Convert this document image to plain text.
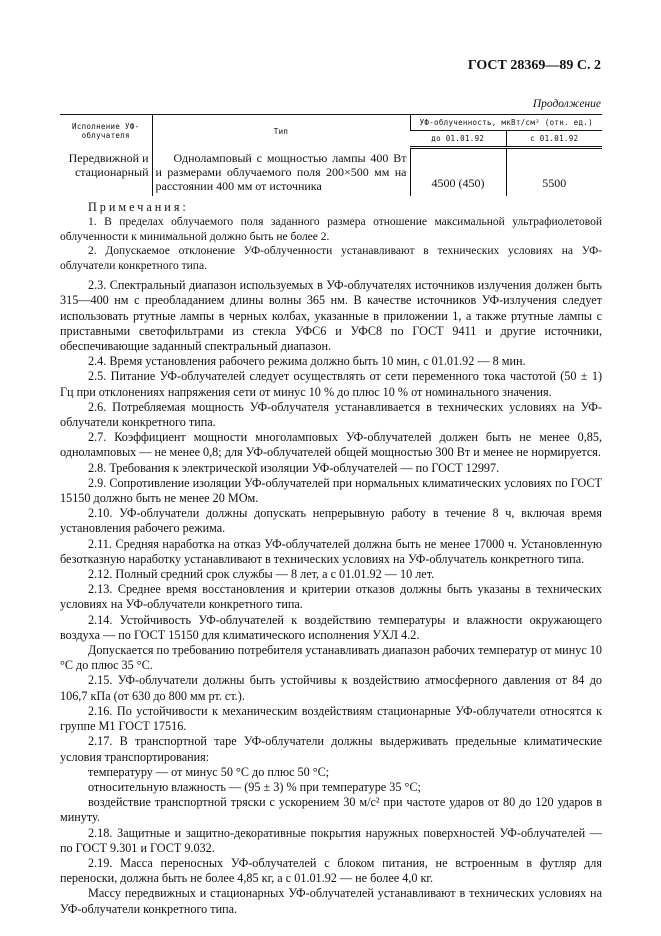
ГОСТ 28369—89 С. 2
Продолжение
Исполнение УФ-облучателя	Тип	УФ-облученность, мкВт/см² (отн. ед.)	
		до 01.01.92	с 01.01.92
Передвижной и стационарный	Одноламповый с мощностью лампы 400 Вт и размерами облучаемого поля 200×500 мм на расстоянии 400 мм от источника	4500 (450)	5500

Примечания:

1. В пределах облучаемого поля заданного размера отношение максимальной ультрафиолетовой облученности к минимальной должно быть не более 2.

2. Допускаемое отклонение УФ-облученности устанавливают в технических условиях на УФ-облучатели конкретного типа.

2.3. Спектральный диапазон используемых в УФ-облучателях источников излучения должен быть 315—400 нм с преобладанием длины волны 365 нм. В качестве источников УФ-излучения следует использовать ртутные лампы в черных колбах, указанные в приложении 1, а также ртутные лампы с приставными светофильтрами из стекла УФС6 и УФС8 по ГОСТ 9411 и другие источники, обеспечивающие заданный спектральный диапазон.

2.4. Время установления рабочего режима должно быть 10 мин, с 01.01.92 — 8 мин.

2.5. Питание УФ-облучателей следует осуществлять от сети переменного тока частотой (50 ± 1) Гц при отклонениях напряжения сети от минус 10 % до плюс 10 % от номинального значения.

2.6. Потребляемая мощность УФ-облучателя устанавливается в технических условиях на УФ-облучатели конкретного типа.

2.7. Коэффициент мощности многоламповых УФ-облучателей должен быть не менее 0,85, одноламповых — не менее 0,8; для УФ-облучателей общей мощностью 300 Вт и менее не нормируется.

2.8. Требования к электрической изоляции УФ-облучателей — по ГОСТ 12997.

2.9. Сопротивление изоляции УФ-облучателей при нормальных климатических условиях по ГОСТ 15150 должно быть не менее 20 МОм.

2.10. УФ-облучатели должны допускать непрерывную работу в течение 8 ч, включая время установления рабочего режима.

2.11. Средняя наработка на отказ УФ-облучателей должна быть не менее 17000 ч. Установленную безотказную наработку устанавливают в технических условиях на УФ-облучатель конкретного типа.

2.12. Полный средний срок службы — 8 лет, а с 01.01.92 — 10 лет.

2.13. Среднее время восстановления и критерии отказов должны быть указаны в технических условиях на УФ-облучатели конкретного типа.

2.14. Устойчивость УФ-облучателей к воздействию температуры и влажности окружающего воздуха — по ГОСТ 15150 для климатического исполнения УХЛ 4.2.

Допускается по требованию потребителя устанавливать диапазон рабочих температур от минус 10 °С до плюс 35 °С.

2.15. УФ-облучатели должны быть устойчивы к воздействию атмосферного давления от 84 до 106,7 кПа (от 630 до 800 мм рт. ст.).

2.16. По устойчивости к механическим воздействиям стационарные УФ-облучатели относятся к группе М1 ГОСТ 17516.

2.17. В транспортной таре УФ-облучатели должны выдерживать предельные климатические условия транспортирования:

температуру — от минус 50 °С до плюс 50 °С;

относительную влажность — (95 ± 3) % при температуре 35 °С;

воздействие транспортной тряски с ускорением 30 м/с² при частоте ударов от 80 до 120 ударов в минуту.

2.18. Защитные и защитно-декоративные покрытия наружных поверхностей УФ-облучателей — по ГОСТ 9.301 и ГОСТ 9.032.

2.19. Масса переносных УФ-облучателей с блоком питания, не встроенным в футляр для переноски, должна быть не более 4,85 кг, а с 01.01.92 — не более 4,0 кг.

Массу передвижных и стационарных УФ-облучателей устанавливают в технических условиях на УФ-облучатели конкретного типа.
